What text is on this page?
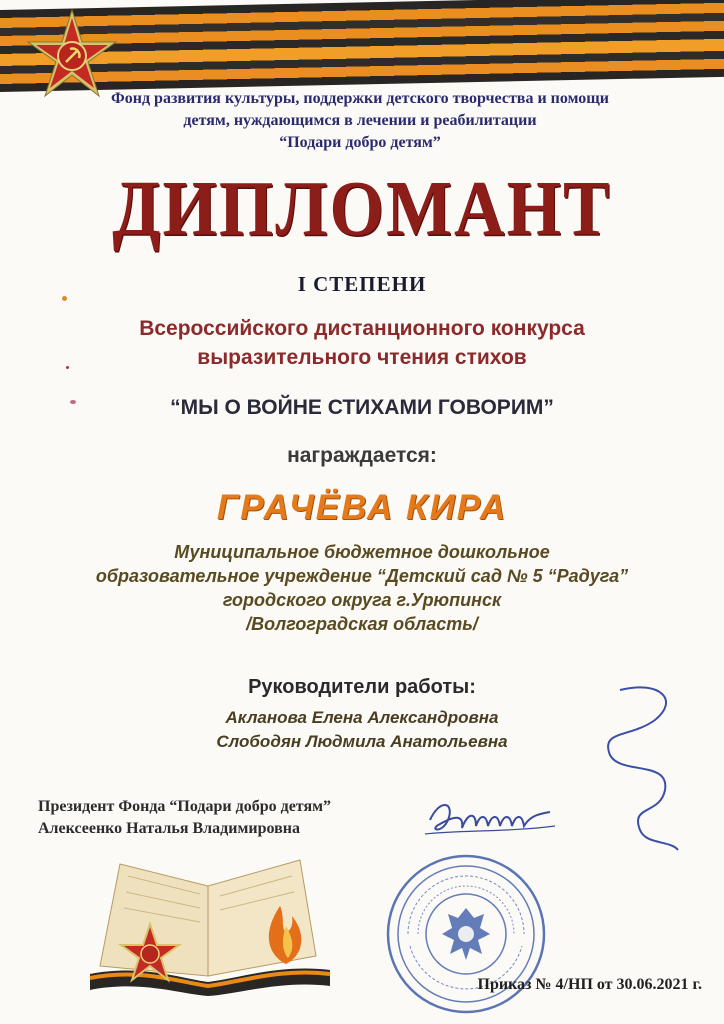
Фонд развития культуры, поддержки детского творчества и помощи
детям, нуждающимся в лечении и реабилитации
“Подари добро детям”
ДИПЛОМАНТ
I СТЕПЕНИ
Всероссийского дистанционного конкурса
выразительного чтения стихов
“МЫ О ВОЙНЕ СТИХАМИ ГОВОРИМ”
награждается:
ГРАЧЁВА КИРА
Муниципальное бюджетное дошкольное
образовательное учреждение “Детский сад № 5 “Радуга”
городского округа г.Урюпинск
/Волгоградская область/
Руководители работы:
Акланова Елена Александровна
Слободян Людмила Анатольевна
Президент Фонда “Подари добро детям”
Алексеенко Наталья Владимировна
Приказ № 4/НП от 30.06.2021 г.
